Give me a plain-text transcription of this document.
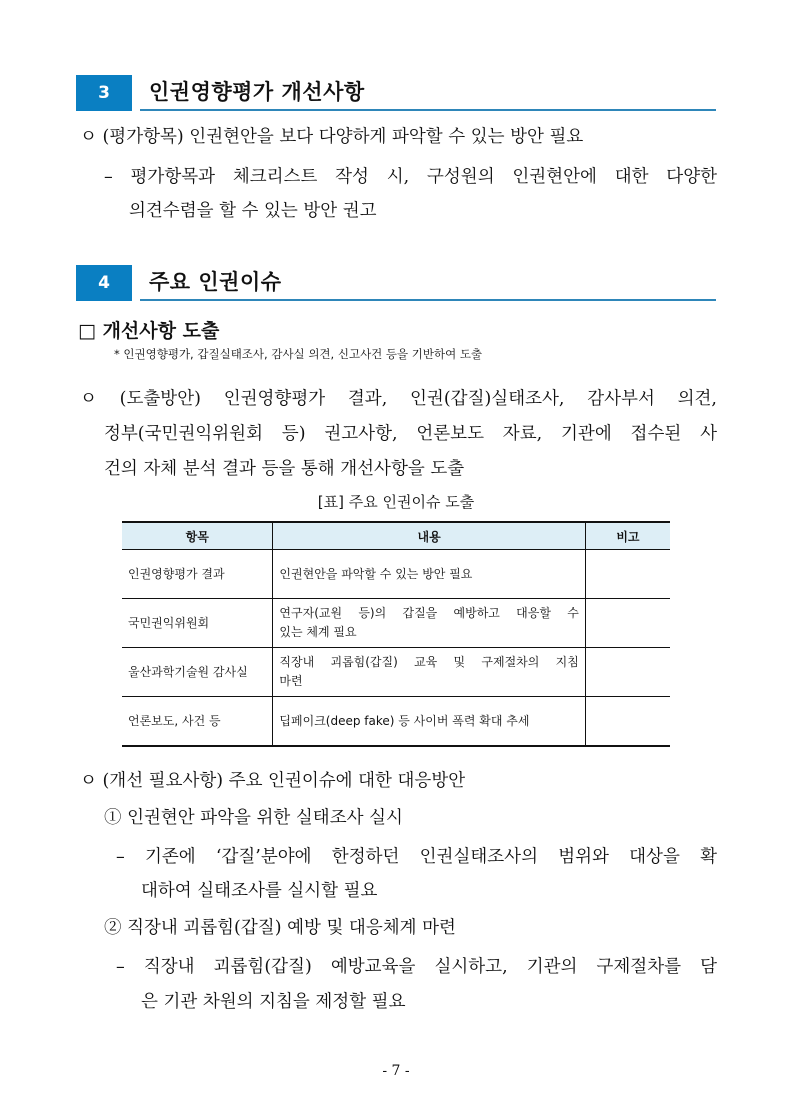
3	인권영향평가 개선사항
ㅇ (평가항목) 인권현안을 보다 다양하게 파악할 수 있는 방안 필요
– 평가항목과 체크리스트 작성 시, 구성원의 인권현안에 대한 다양한
의견수렴을 할 수 있는 방안 권고
4	주요 인권이슈
□ 개선사항 도출
* 인권영향평가, 갑질실태조사, 감사실 의견, 신고사건 등을 기반하여 도출
ㅇ (도출방안) 인권영향평가 결과, 인권(갑질)실태조사, 감사부서 의견,
정부(국민권익위원회 등) 권고사항, 언론보도 자료, 기관에 접수된 사
건의 자체 분석 결과 등을 통해 개선사항을 도출
[표] 주요 인권이슈 도출
항목	내용	비고
인권영향평가 결과	인권현안을 파악할 수 있는 방안 필요	

국민권익위원회	연구자(교원 등)의 갑질을 예방하고 대응할 수
있는 체계 필요	

울산과학기술원 감사실	직장내 괴롭힘(갑질) 교육 및 구제절차의 지침
마련	

언론보도, 사건 등	딥페이크(deep fake) 등 사이버 폭력 확대 추세	

ㅇ (개선 필요사항) 주요 인권이슈에 대한 대응방안
① 인권현안 파악을 위한 실태조사 실시
– 기존에 ‘갑질’분야에 한정하던 인권실태조사의 범위와 대상을 확
대하여 실태조사를 실시할 필요
② 직장내 괴롭힘(갑질) 예방 및 대응체계 마련
– 직장내 괴롭힘(갑질) 예방교육을 실시하고, 기관의 구제절차를 담
은 기관 차원의 지침을 제정할 필요
- 7 -
